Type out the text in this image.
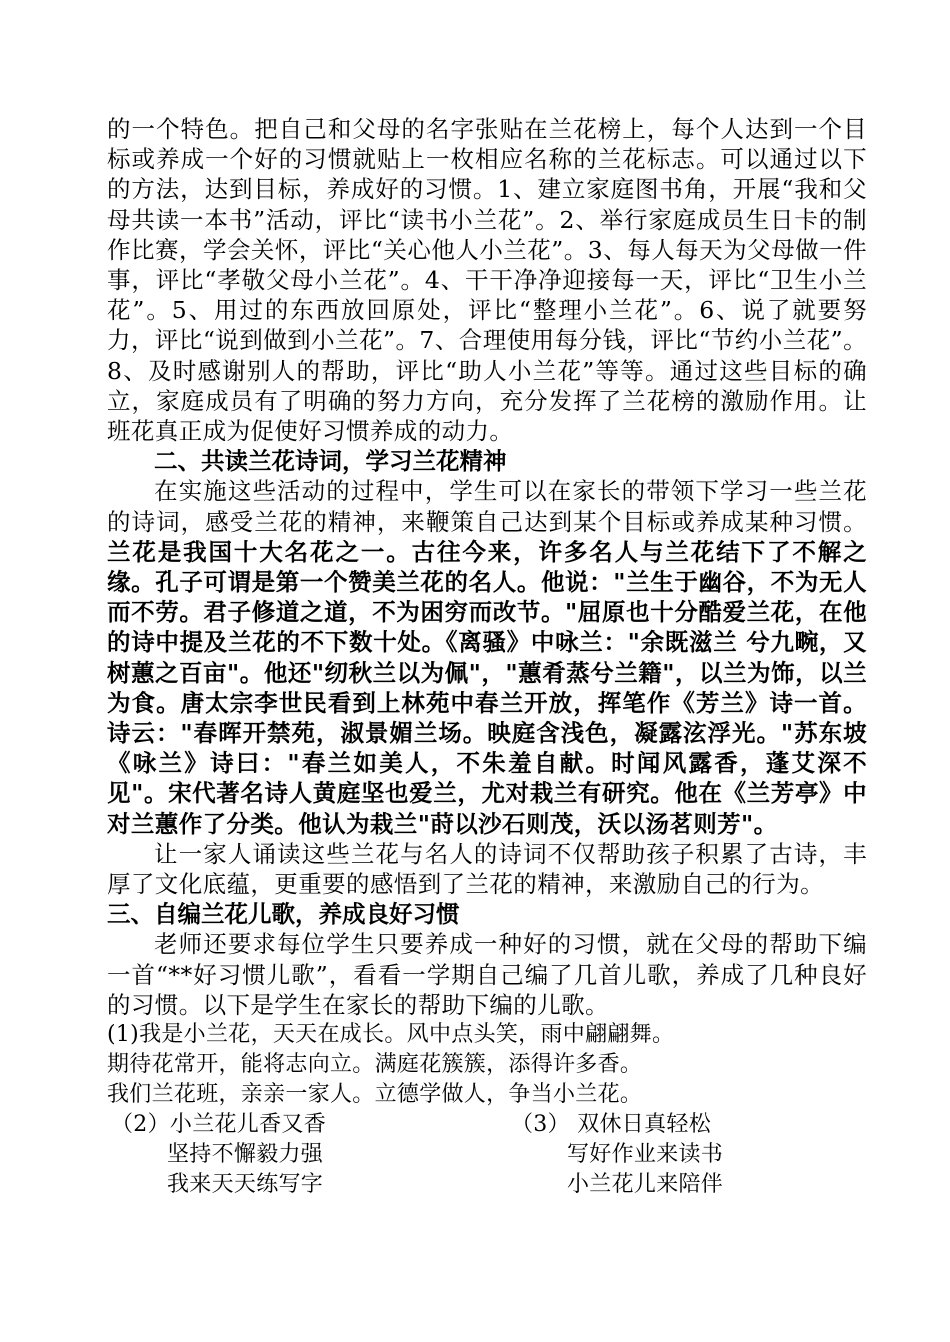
的一个特色。把自己和父母的名字张贴在兰花榜上，每个人达到一个目标或养成一个好的习惯就贴上一枚相应名称的兰花标志。可以通过以下的方法，达到目标，养成好的习惯。1、建立家庭图书角，开展“我和父母共读一本书”活动，评比“读书小兰花”。2、举行家庭成员生日卡的制作比赛，学会关怀，评比“关心他人小兰花”。3、每人每天为父母做一件事，评比“孝敬父母小兰花”。4、干干净净迎接每一天，评比“卫生小兰花”。5、用过的东西放回原处，评比“整理小兰花”。6、说了就要努力，评比“说到做到小兰花”。7、合理使用每分钱，评比“节约小兰花”。8、及时感谢别人的帮助，评比“助人小兰花”等等。通过这些目标的确立，家庭成员有了明确的努力方向，充分发挥了兰花榜的激励作用。让班花真正成为促使好习惯养成的动力。

二、共读兰花诗词，学习兰花精神

在实施这些活动的过程中，学生可以在家长的带领下学习一些兰花的诗词，感受兰花的精神，来鞭策自己达到某个目标或养成某种习惯。兰花是我国十大名花之一。古往今来，许多名人与兰花结下了不解之缘。孔子可谓是第一个赞美兰花的名人。他说："兰生于幽谷，不为无人而不劳。君子修道之道，不为困穷而改节。"屈原也十分酷爱兰花，在他的诗中提及兰花的不下数十处。《离骚》中咏兰："余既滋兰 兮九畹，又树蕙之百亩"。他还"纫秋兰以为佩"，"蕙肴蒸兮兰籍"，以兰为饰，以兰为食。唐太宗李世民看到上林苑中春兰开放，挥笔作《芳兰》诗一首。诗云："春晖开禁苑，淑景媚兰场。映庭含浅色，凝露泫浮光。"苏东坡《咏兰》诗曰："春兰如美人，不朱羞自献。时闻风露香，蓬艾深不见"。宋代著名诗人黄庭坚也爱兰，尤对栽兰有研究。他在《兰芳亭》中对兰蕙作了分类。他认为栽兰"莳以沙石则茂，沃以汤茗则芳"。

让一家人诵读这些兰花与名人的诗词不仅帮助孩子积累了古诗，丰厚了文化底蕴，更重要的感悟到了兰花的精神，来激励自己的行为。

三、自编兰花儿歌，养成良好习惯

老师还要求每位学生只要养成一种好的习惯，就在父母的帮助下编一首“**好习惯儿歌”，看看一学期自己编了几首儿歌，养成了几种良好的习惯。以下是学生在家长的帮助下编的儿歌。

(1)我是小兰花，天天在成长。风中点头笑，雨中翩翩舞。

期待花常开，能将志向立。满庭花簇簇，添得许多香。

我们兰花班，亲亲一家人。立德学做人，争当小兰花。

（2）小兰花儿香又香

坚持不懈毅力强

我来天天练写字

（3） 双休日真轻松

写好作业来读书

小兰花儿来陪伴
